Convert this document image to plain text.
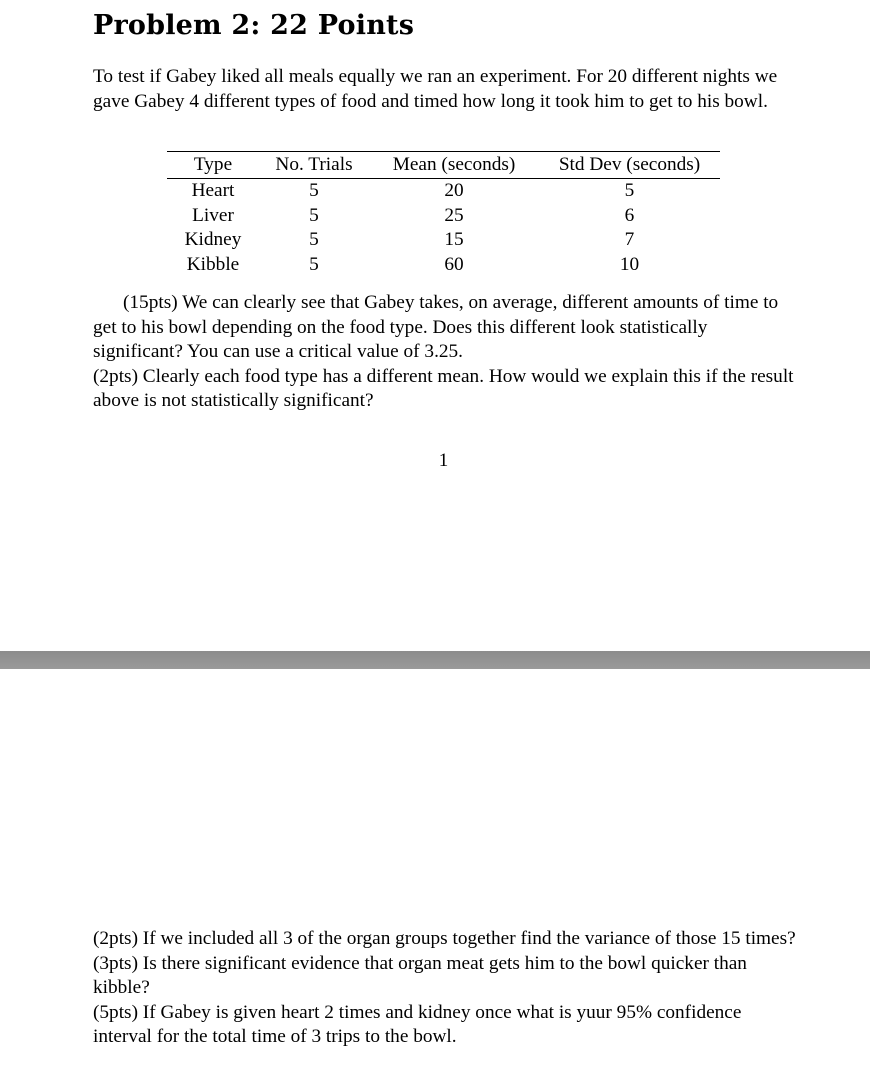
Problem 2: 22 Points

To test if Gabey liked all meals equally we ran an experiment. For 20 different nights we gave Gabey 4 different types of food and timed how long it took him to get to his bowl.

Type	No. Trials	Mean (seconds)	Std Dev (seconds)
Heart	5	20	5
Liver	5	25	6
Kidney	5	15	7
Kibble	5	60	10
(15pts) We can clearly see that Gabey takes, on average, different amounts of time to get to his bowl depending on the food type. Does this different look statistically significant? You can use a critical value of 3.25.
(2pts) Clearly each food type has a different mean. How would we explain this if the result above is not statistically significant?
1
(2pts) If we included all 3 of the organ groups together find the variance of those 15 times?
(3pts) Is there significant evidence that organ meat gets him to the bowl quicker than kibble?
(5pts) If Gabey is given heart 2 times and kidney once what is yuur 95% confidence interval for the total time of 3 trips to the bowl.
